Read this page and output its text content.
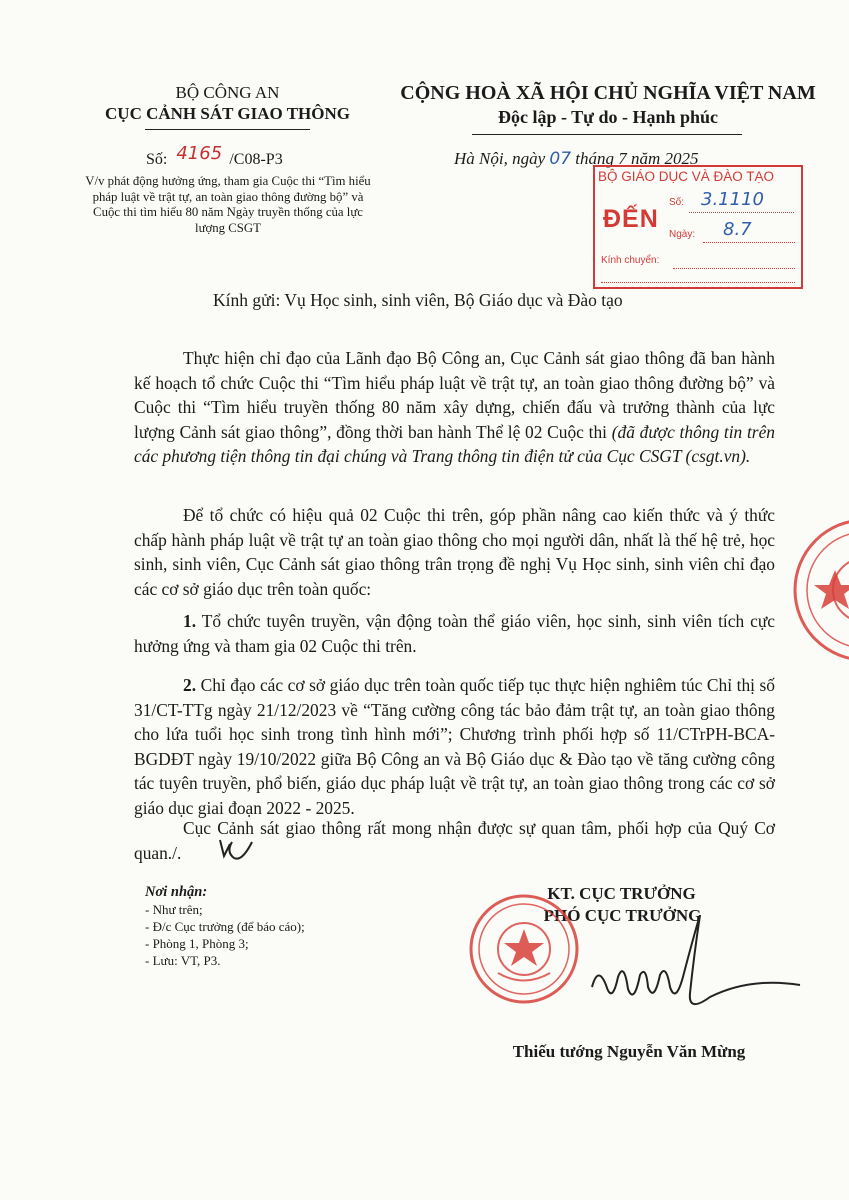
BỘ CÔNG AN
CỤC CẢNH SÁT GIAO THÔNG
CỘNG HOÀ XÃ HỘI CHỦ NGHĨA VIỆT NAM
Độc lập - Tự do - Hạnh phúc
Số: 4165 /C08-P3
V/v phát động hưởng ứng, tham gia Cuộc thi “Tìm hiểu pháp luật về trật tự, an toàn giao thông đường bộ” và Cuộc thi tìm hiểu 80 năm Ngày truyền thống của lực lượng CSGT
Hà Nội, ngày 07 tháng 7 năm 2025
BỘ GIÁO DỤC VÀ ĐÀO TẠO
ĐẾN
Số: 3.1110
Ngày: 8.7
Kính chuyển:
Kính gửi: Vụ Học sinh, sinh viên, Bộ Giáo dục và Đào tạo
Thực hiện chỉ đạo của Lãnh đạo Bộ Công an, Cục Cảnh sát giao thông đã ban hành kế hoạch tổ chức Cuộc thi “Tìm hiểu pháp luật về trật tự, an toàn giao thông đường bộ” và Cuộc thi “Tìm hiểu truyền thống 80 năm xây dựng, chiến đấu và trưởng thành của lực lượng Cảnh sát giao thông”, đồng thời ban hành Thể lệ 02 Cuộc thi (đã được thông tin trên các phương tiện thông tin đại chúng và Trang thông tin điện tử của Cục CSGT (csgt.vn).
Để tổ chức có hiệu quả 02 Cuộc thi trên, góp phần nâng cao kiến thức và ý thức chấp hành pháp luật về trật tự an toàn giao thông cho mọi người dân, nhất là thế hệ trẻ, học sinh, sinh viên, Cục Cảnh sát giao thông trân trọng đề nghị Vụ Học sinh, sinh viên chỉ đạo các cơ sở giáo dục trên toàn quốc:
1. Tổ chức tuyên truyền, vận động toàn thể giáo viên, học sinh, sinh viên tích cực hưởng ứng và tham gia 02 Cuộc thi trên.
2. Chỉ đạo các cơ sở giáo dục trên toàn quốc tiếp tục thực hiện nghiêm túc Chỉ thị số 31/CT-TTg ngày 21/12/2023 về “Tăng cường công tác bảo đảm trật tự, an toàn giao thông cho lứa tuổi học sinh trong tình hình mới”; Chương trình phối hợp số 11/CTrPH-BCA-BGDĐT ngày 19/10/2022 giữa Bộ Công an và Bộ Giáo dục & Đào tạo về tăng cường công tác tuyên truyền, phổ biến, giáo dục pháp luật về trật tự, an toàn giao thông trong các cơ sở giáo dục giai đoạn 2022 - 2025.
Cục Cảnh sát giao thông rất mong nhận được sự quan tâm, phối hợp của Quý Cơ quan./.
Nơi nhận:
- Như trên;
- Đ/c Cục trưởng (để báo cáo);
- Phòng 1, Phòng 3;
- Lưu: VT, P3.
KT. CỤC TRƯỞNG
PHÓ CỤC TRƯỞNG
Thiếu tướng Nguyễn Văn Mừng
